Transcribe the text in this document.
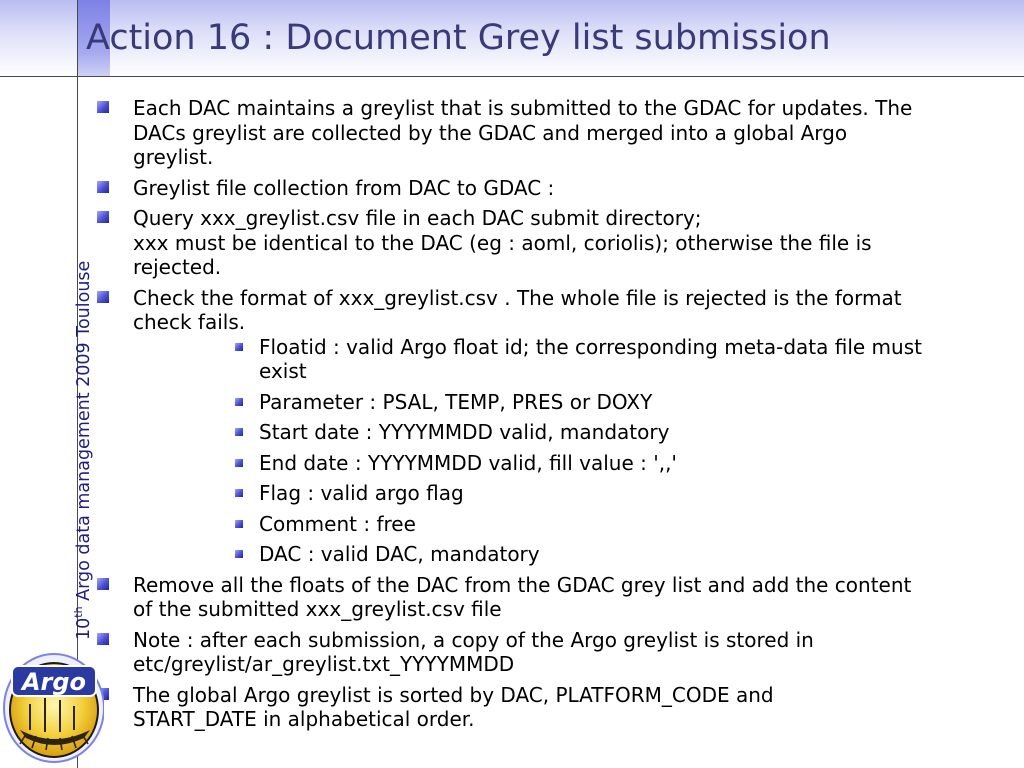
Action 16 : Document Grey list submission
10th Argo data management 2009 Toulouse
Each DAC maintains a greylist that is submitted to the GDAC for updates. The
DACs greylist are collected by the GDAC and merged into a global Argo
greylist.
Greylist file collection from DAC to GDAC :
Query xxx_greylist.csv file in each DAC submit directory;
xxx must be identical to the DAC (eg : aoml, coriolis); otherwise the file is
rejected.
Check the format of xxx_greylist.csv . The whole file is rejected is the format
check fails.
Floatid : valid Argo float id; the corresponding meta-data file must
exist
Parameter : PSAL, TEMP, PRES or DOXY
Start date : YYYYMMDD valid, mandatory
End date : YYYYMMDD valid, fill value : ',,'
Flag : valid argo flag
Comment : free
DAC : valid DAC, mandatory
Remove all the floats of the DAC from the GDAC grey list and add the content
of the submitted xxx_greylist.csv file
Note : after each submission, a copy of the Argo greylist is stored in
etc/greylist/ar_greylist.txt_YYYYMMDD
The global Argo greylist is sorted by DAC, PLATFORM_CODE and
START_DATE in alphabetical order.
Argo
